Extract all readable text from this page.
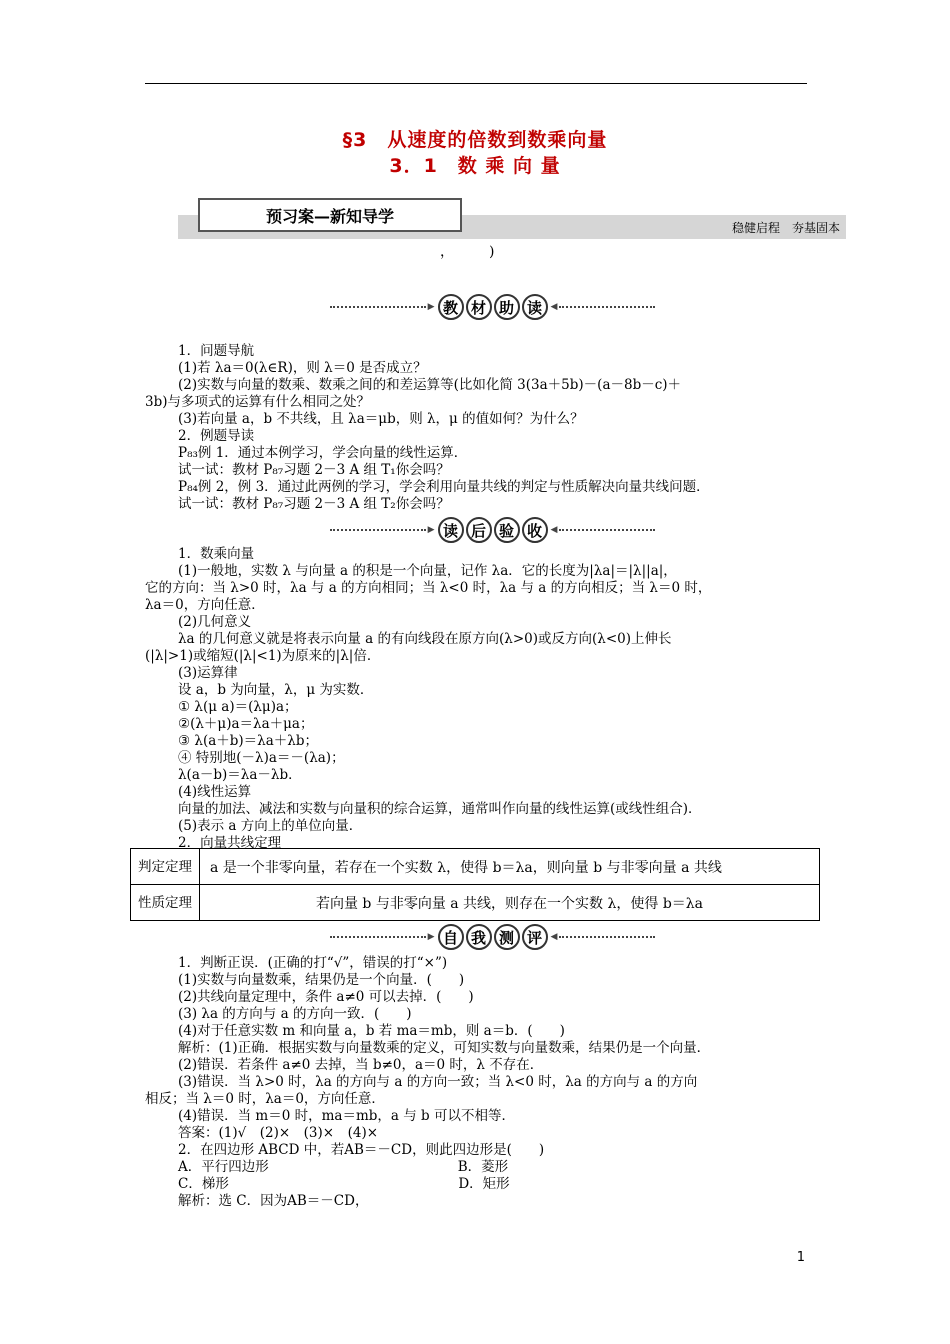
§3　从速度的倍数到数乘向量
3．1　数 乘 向 量
预习案—新知导学
稳健启程　夯基固本
，　　　)
▶ 教 材 助 读 ◀
1．问题导航
(1)若 λa＝0(λ∈R)，则 λ＝0 是否成立？
(2)实数与向量的数乘、数乘之间的和差运算等(比如化简 3(3a＋5b)－(a－8b－c)＋
3b)与多项式的运算有什么相同之处？
(3)若向量 a，b 不共线，且 λa＝μb，则 λ，μ 的值如何？为什么？
2．例题导读
P₈₃例 1．通过本例学习，学会向量的线性运算．
试一试：教材 P₈₇习题 2－3 A 组 T₁你会吗？
P₈₄例 2，例 3．通过此两例的学习，学会利用向量共线的判定与性质解决向量共线问题．
试一试：教材 P₈₇习题 2－3 A 组 T₂你会吗？
▶ 读 后 验 收 ◀
1．数乘向量
(1)一般地，实数 λ 与向量 a 的积是一个向量，记作 λa．它的长度为|λa|＝|λ||a|，
它的方向：当 λ>0 时，λa 与 a 的方向相同；当 λ<0 时，λa 与 a 的方向相反；当 λ＝0 时，
λa＝0，方向任意．
(2)几何意义
λa 的几何意义就是将表示向量 a 的有向线段在原方向(λ>0)或反方向(λ<0)上伸长
(|λ|>1)或缩短(|λ|<1)为原来的|λ|倍．
(3)运算律
设 a，b 为向量，λ，μ 为实数．
① λ(μ a)＝(λμ)a；
②(λ＋μ)a＝λa＋μa；
③ λ(a＋b)＝λa＋λb；
④ 特别地(－λ)a＝－(λa)；
λ(a－b)＝λa－λb．
(4)线性运算
向量的加法、减法和实数与向量积的综合运算，通常叫作向量的线性运算(或线性组合)．
(5)表示 a 方向上的单位向量．
2．向量共线定理
判定定理	a 是一个非零向量，若存在一个实数 λ，使得 b＝λa，则向量 b 与非零向量 a 共线
性质定理	若向量 b 与非零向量 a 共线，则存在一个实数 λ，使得 b＝λa
▶ 自 我 测 评 ◀
1．判断正误．(正确的打“√”，错误的打“×”)
(1)实数与向量数乘，结果仍是一个向量．(　　)
(2)共线向量定理中，条件 a≠0 可以去掉．(　　)
(3) λa 的方向与 a 的方向一致．(　　)
(4)对于任意实数 m 和向量 a，b 若 ma＝mb，则 a＝b．(　　)
解析：(1)正确．根据实数与向量数乘的定义，可知实数与向量数乘，结果仍是一个向量．
(2)错误．若条件 a≠0 去掉，当 b≠0，a＝0 时，λ 不存在．
(3)错误．当 λ>0 时，λa 的方向与 a 的方向一致；当 λ<0 时，λa 的方向与 a 的方向
相反；当 λ＝0 时，λa＝0，方向任意．
(4)错误．当 m＝0 时，ma＝mb，a 与 b 可以不相等．
答案：(1)√　(2)×　(3)×　(4)×
2．在四边形 ABCD 中，若AB＝－CD，则此四边形是(　　)
A．平行四边形　　　　　　　　　　　　　　B．菱形
C．梯形　　　　　　　　　　　　　　　　　D．矩形
解析：选 C．因为AB＝－CD，
1
